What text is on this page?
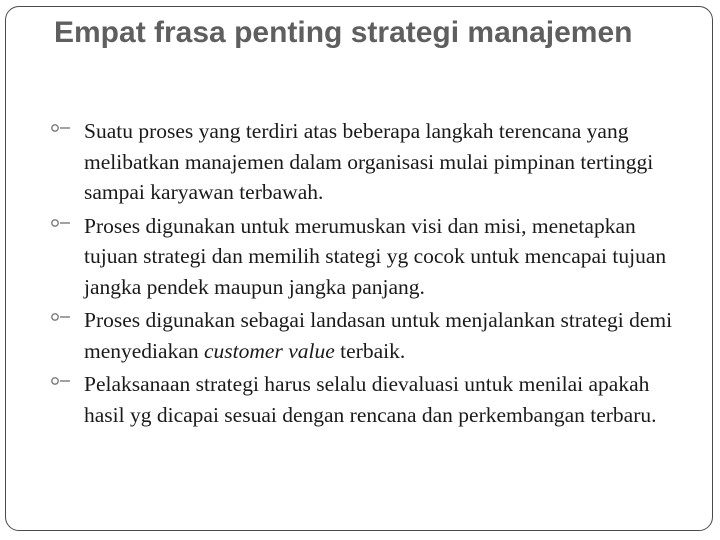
Empat frasa penting strategi manajemen
Suatu proses yang terdiri atas beberapa langkah terencana yang melibatkan manajemen dalam organisasi mulai pimpinan tertinggi sampai karyawan terbawah.
Proses digunakan untuk merumuskan visi dan misi, menetapkan tujuan strategi dan memilih stategi yg cocok untuk mencapai tujuan jangka pendek maupun jangka panjang.
Proses digunakan sebagai landasan untuk menjalankan strategi demi menyediakan customer value terbaik.
Pelaksanaan strategi harus selalu dievaluasi untuk menilai apakah hasil yg dicapai sesuai dengan rencana dan perkembangan terbaru.
